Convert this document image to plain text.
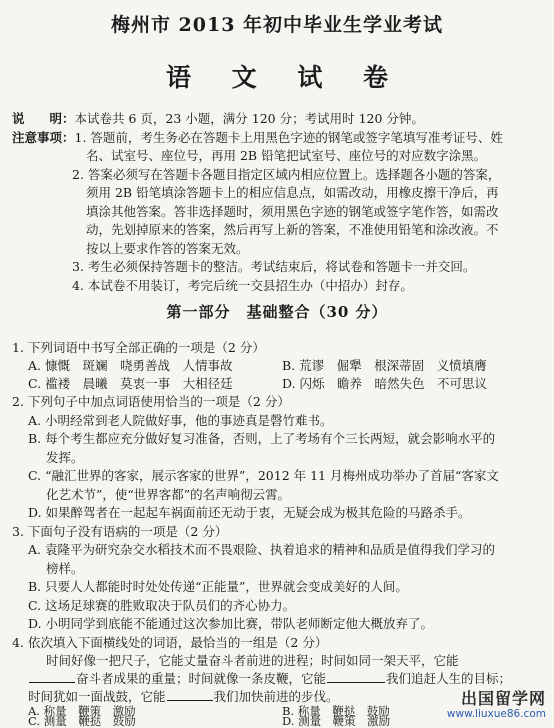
梅州市 2013 年初中毕业生学业考试
语 文 试 卷
说　　明：本试卷共 6 页，23 小题，满分 120 分；考试用时 120 分钟。
注意事项：1. 答题前，考生务必在答题卡上用黑色字迹的钢笔或签字笔填写准考证号、姓
名、试室号、座位号，再用 2B 铅笔把试室号、座位号的对应数字涂黑。
2. 答案必须写在答题卡各题目指定区域内相应位置上。选择题各小题的答案，
须用 2B 铅笔填涂答题卡上的相应信息点，如需改动，用橡皮擦干净后，再
填涂其他答案。答非选择题时，须用黑色字迹的钢笔或签字笔作答，如需改
动，先划掉原来的答案，然后再写上新的答案，不准使用铅笔和涂改液。不
按以上要求作答的答案无效。
3. 考生必须保持答题卡的整洁。考试结束后，将试卷和答题卡一并交回。
4. 本试卷不用装订，考完后统一交县招生办（中招办）封存。
第一部分　基础整合（30 分）
1. 下列词语中书写全部正确的一项是（2 分）
A. 慷慨　斑斓　哓勇善战　人情事故	B. 荒谬　倔犟　根深蒂固　义愤填膺
C. 褴褛　晨曦　莫衷一事　大相径廷	D. 闪烁　瞻养　暗然失色　不可思议
2. 下列句子中加点词语使用恰当的一项是（2 分）
A. 小明经常到老人院做好事，他的事迹真是磬竹难书。
B. 每个考生都应充分做好复习准备，否则，上了考场有个三长两短，就会影响水平的
发挥。
C. “融汇世界的客家，展示客家的世界”，2012 年 11 月梅州成功举办了首届“客家文
化艺术节”，使“世界客都”的名声响彻云霄。
D. 如果醉驾者在一起起车祸面前还无动于衷，无疑会成为极其危险的马路杀手。
3. 下面句子没有语病的一项是（2 分）
A. 袁隆平为研究杂交水稻技术而不畏艰险、执着追求的精神和品质是值得我们学习的
榜样。
B. 只要人人都能时时处处传递“正能量”，世界就会变成美好的人间。
C. 这场足球赛的胜败取决于队员们的齐心协力。
D. 小明同学到底能不能通过这次参加比赛，带队老师断定他大概放弃了。
4. 依次填入下面横线处的词语，最恰当的一组是（2 分）
时间好像一把尺子，它能丈量奋斗者前进的进程；时间如同一架天平，它能
奋斗者成果的重量；时间就像一条皮鞭，它能	我们追赶人生的目标；
时间犹如一面战鼓，它能	我们加快前进的步伐。
A. 称量　鞭策　激励	B. 称量　鞭挞　鼓励
C. 测量　鞭挞　鼓励	D. 测量　鞭策　激励
出国留学网
www.liuxue86.com
